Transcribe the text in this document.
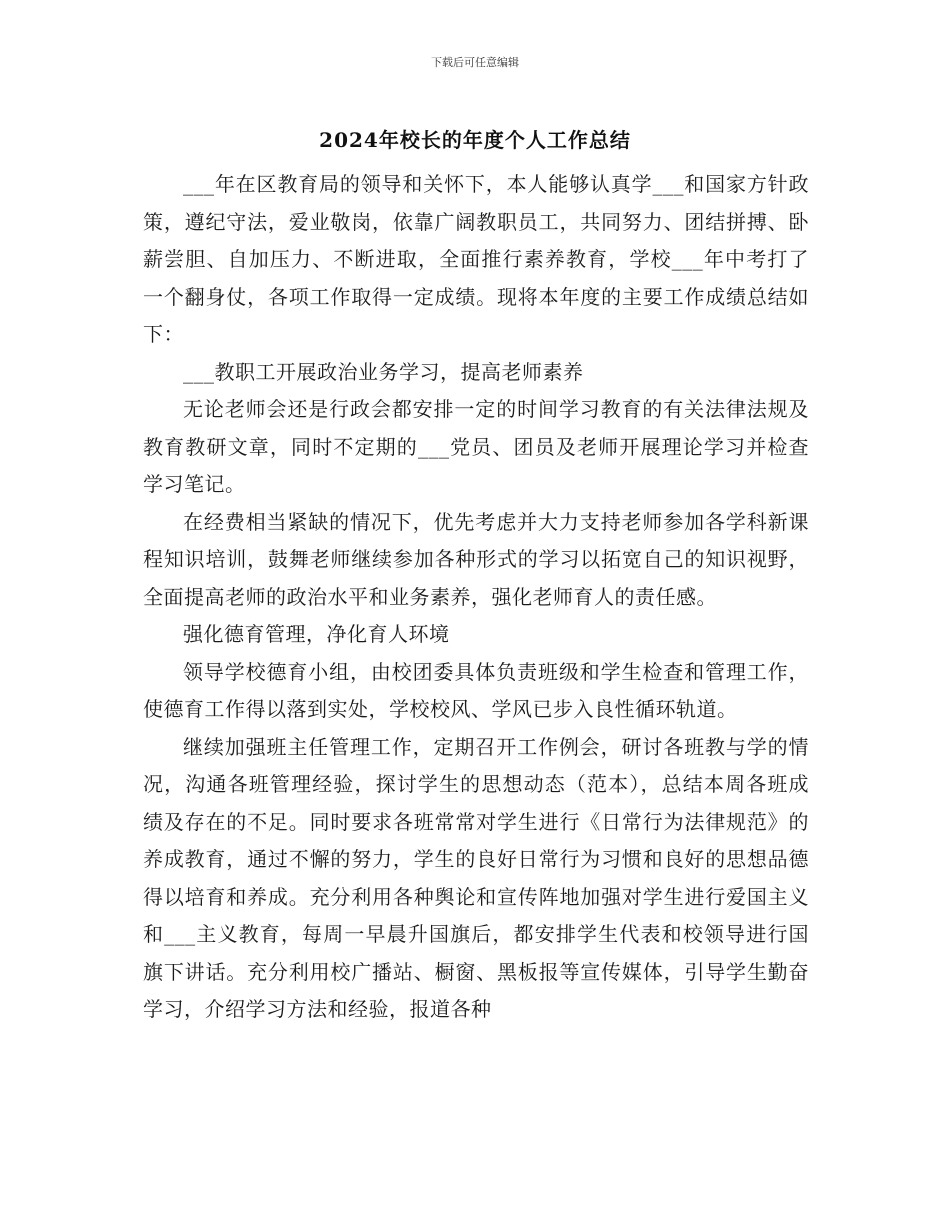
下载后可任意编辑
2024年校长的年度个人工作总结

___年在区教育局的领导和关怀下，本人能够认真学___和国家方针政策，遵纪守法，爱业敬岗，依靠广阔教职员工，共同努力、团结拼搏、卧薪尝胆、自加压力、不断进取，全面推行素养教育，学校___年中考打了一个翻身仗，各项工作取得一定成绩。现将本年度的主要工作成绩总结如下：

___教职工开展政治业务学习，提高老师素养

无论老师会还是行政会都安排一定的时间学习教育的有关法律法规及教育教研文章，同时不定期的___党员、团员及老师开展理论学习并检查学习笔记。

在经费相当紧缺的情况下，优先考虑并大力支持老师参加各学科新课程知识培训，鼓舞老师继续参加各种形式的学习以拓宽自己的知识视野，全面提高老师的政治水平和业务素养，强化老师育人的责任感。

强化德育管理，净化育人环境

领导学校德育小组，由校团委具体负责班级和学生检查和管理工作，使德育工作得以落到实处，学校校风、学风已步入良性循环轨道。

继续加强班主任管理工作，定期召开工作例会，研讨各班教与学的情况，沟通各班管理经验，探讨学生的思想动态（范本），总结本周各班成绩及存在的不足。同时要求各班常常对学生进行《日常行为法律规范》的养成教育，通过不懈的努力，学生的良好日常行为习惯和良好的思想品德得以培育和养成。充分利用各种舆论和宣传阵地加强对学生进行爱国主义和___主义教育，每周一早晨升国旗后，都安排学生代表和校领导进行国旗下讲话。充分利用校广播站、橱窗、黑板报等宣传媒体，引导学生勤奋学习，介绍学习方法和经验，报道各种
